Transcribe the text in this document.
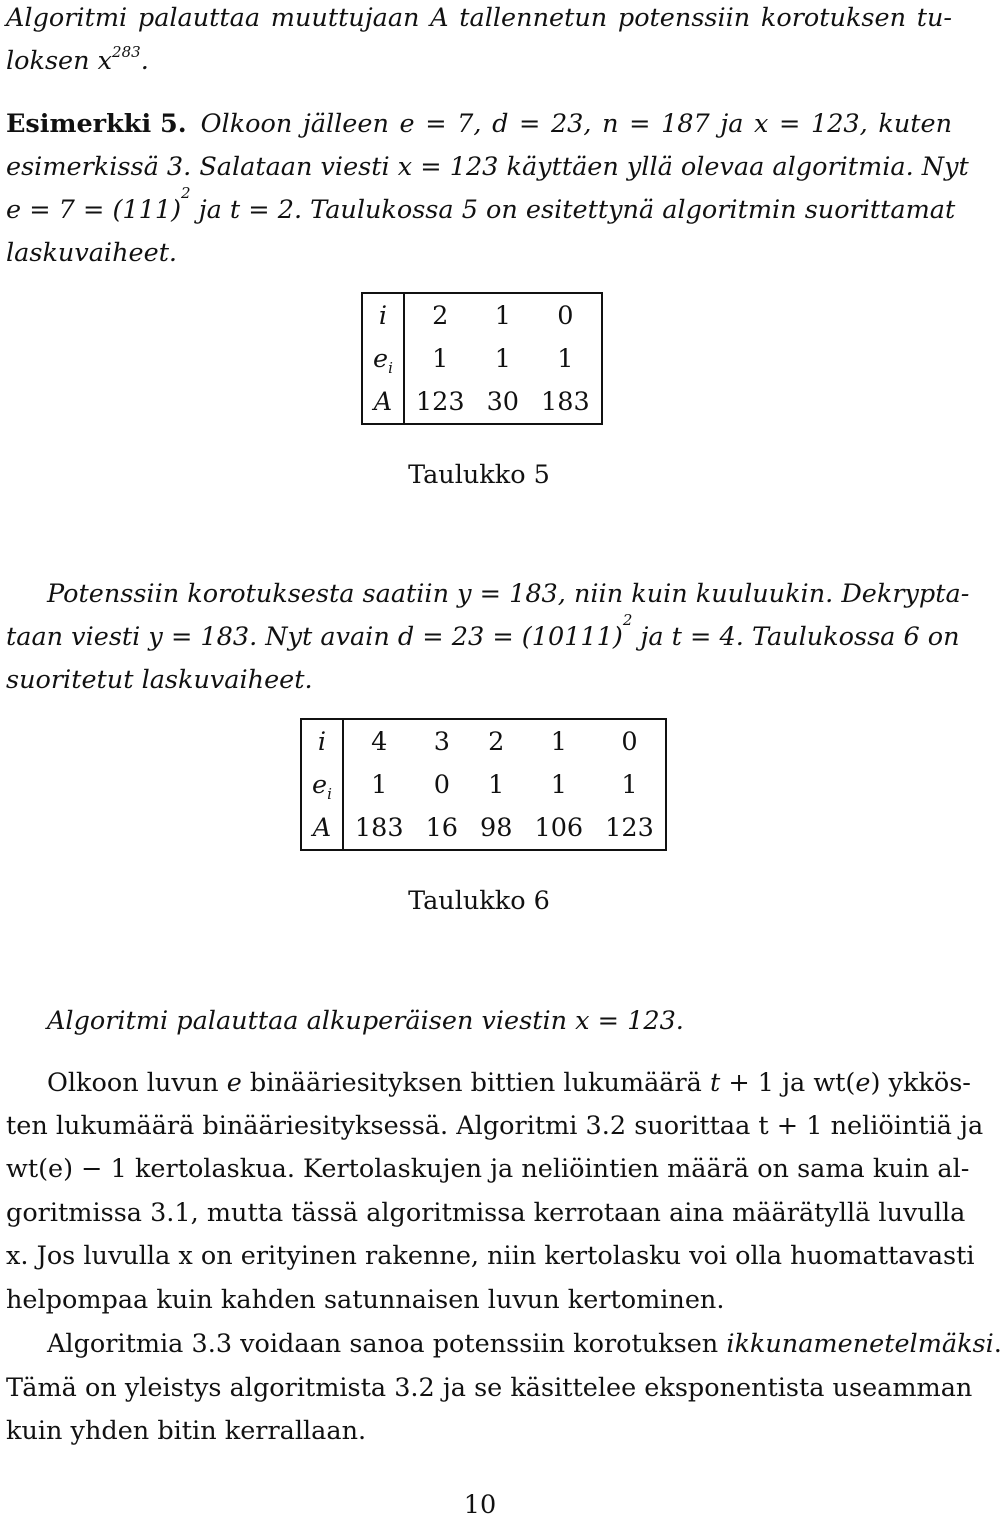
Algoritmi palauttaa muuttujaan A tallennetun potenssiin korotuksen tu-
loksen $x^{283}$.
Esimerkki 5. Olkoon jälleen e = 7, d = 23, n = 187 ja x = 123, kuten
esimerkissä 3. Salataan viesti x = 123 käyttäen yllä olevaa algoritmia. Nyt
e = 7 = (111)
2
ja t = 2. Taulukossa 5 on esitettynä algoritmin suorittamat
laskuvaiheet.
i	2	1	0
$e_i$	1	1	1
A	123	30	183
Taulukko 5
Potenssiin korotuksesta saatiin y = 183, niin kuin kuuluukin. Dekrypta-
taan viesti y = 183. Nyt avain d = 23 = (10111)
2
ja t = 4. Taulukossa 6 on
suoritetut laskuvaiheet.
i	4	3	2	1	0
$e_i$	1	0	1	1	1
A	183	16	98	106	123
Taulukko 6
Algoritmi palauttaa alkuperäisen viestin x = 123.
Olkoon luvun e binääriesityksen bittien lukumäärä t + 1 ja wt( e ) ykkös-
ten lukumäärä binääriesityksessä. Algoritmi 3.2 suorittaa t + 1 neliöintiä ja
wt(e) − 1 kertolaskua. Kertolaskujen ja neliöintien määrä on sama kuin al-
goritmissa 3.1, mutta tässä algoritmissa kerrotaan aina määrätyllä luvulla
x. Jos luvulla x on erityinen rakenne, niin kertolasku voi olla huomattavasti
helpompaa kuin kahden satunnaisen luvun kertominen.
Algoritmia 3.3 voidaan sanoa potenssiin korotuksen ikkunamenetelmäksi .
Tämä on yleistys algoritmista 3.2 ja se käsittelee eksponentista useamman
kuin yhden bitin kerrallaan.
10
